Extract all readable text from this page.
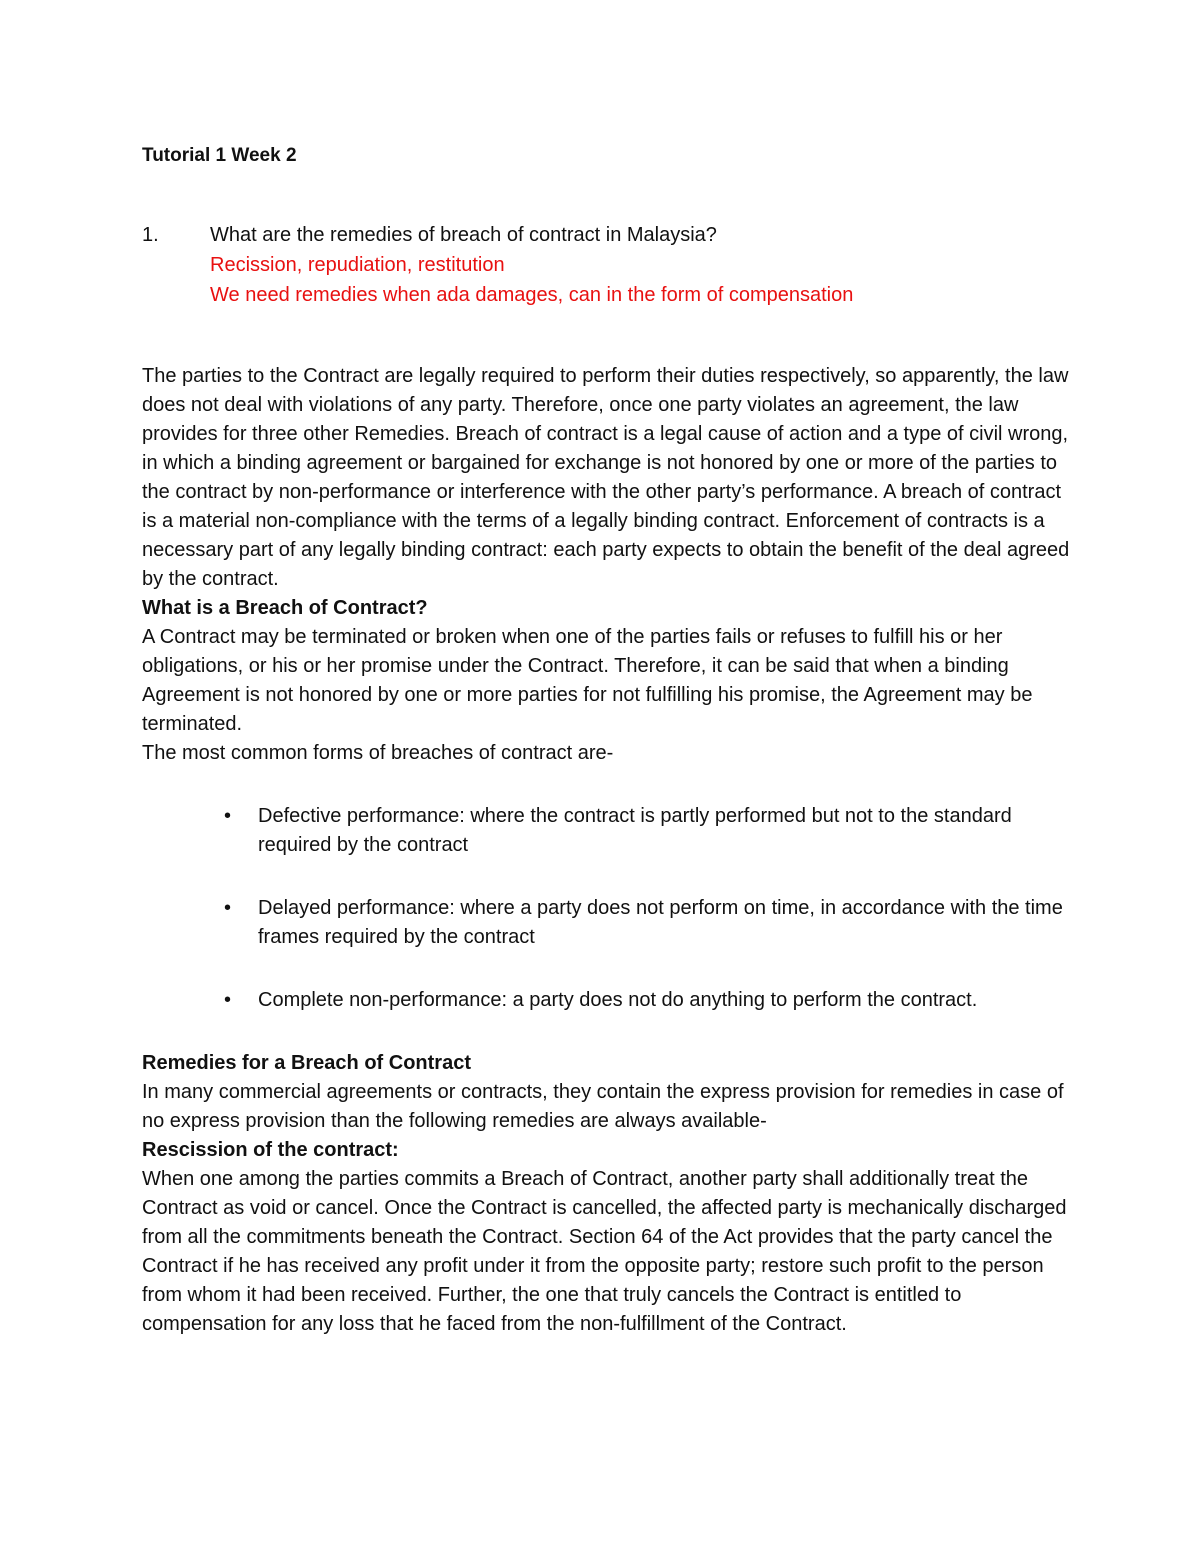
Tutorial 1 Week 2

1.	What are the remedies of breach of contract in Malaysia?
Recission, repudiation, restitution
We need remedies when ada damages, can in the form of compensation

The parties to the Contract are legally required to perform their duties respectively, so apparently, the law does not deal with violations of any party. Therefore, once one party violates an agreement, the law provides for three other Remedies. Breach of contract is a legal cause of action and a type of civil wrong, in which a binding agreement or bargained for exchange is not honored by one or more of the parties to the contract by non-performance or interference with the other party’s performance. A breach of contract is a material non-compliance with the terms of a legally binding contract. Enforcement of contracts is a necessary part of any legally binding contract: each party expects to obtain the benefit of the deal agreed by the contract.

What is a Breach of Contract?

A Contract may be terminated or broken when one of the parties fails or refuses to fulfill his or her obligations, or his or her promise under the Contract. Therefore, it can be said that when a binding Agreement is not honored by one or more parties for not fulfilling his promise, the Agreement may be terminated.

The most common forms of breaches of contract are-

• Defective performance: where the contract is partly performed but not to the standard required by the contract
• Delayed performance: where a party does not perform on time, in accordance with the time frames required by the contract
• Complete non-performance: a party does not do anything to perform the contract.

Remedies for a Breach of Contract

In many commercial agreements or contracts, they contain the express provision for remedies in case of no express provision than the following remedies are always available-

Rescission of the contract:

When one among the parties commits a Breach of Contract, another party shall additionally treat the Contract as void or cancel. Once the Contract is cancelled, the affected party is mechanically discharged from all the commitments beneath the Contract. Section 64 of the Act provides that the party cancel the Contract if he has received any profit under it from the opposite party; restore such profit to the person from whom it had been received. Further, the one that truly cancels the Contract is entitled to compensation for any loss that he faced from the non-fulfillment of the Contract.
